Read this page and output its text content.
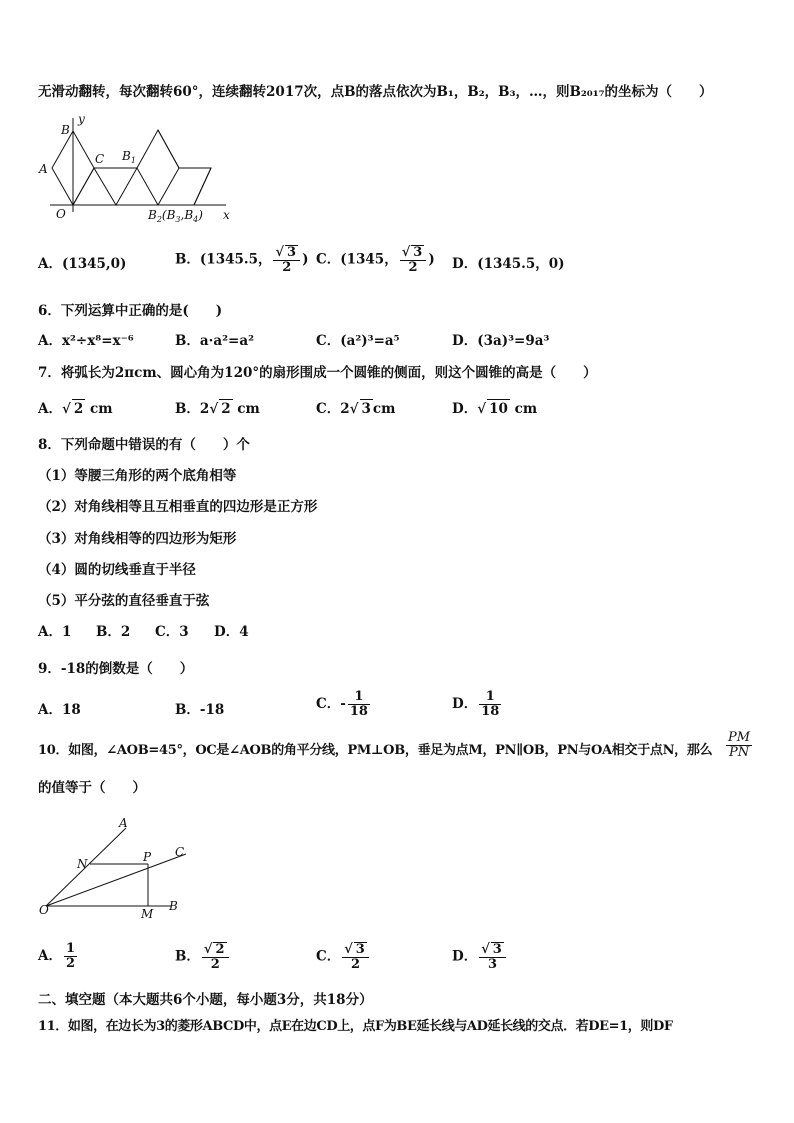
无滑动翻转，每次翻转60°，连续翻转2017次，点B的落点依次为B₁，B₂，B₃，…，则B₂₀₁₇的坐标为（　　）
B
y
A
C $B_1$
O	$B_2(B_3,B_4)$ x
A．(1345,0)	B．(1345.5， $\frac{√ 3}{2}$ ) C．(1345， $\frac{√ 3}{2}$ ) D．(1345.5，0)
6．下列运算中正确的是(　　)
A．x²÷x⁸=x⁻⁶	B．a·a²=a²	C．(a²)³=a⁵	D．(3a)³=9a³
7．将弧长为2πcm、圆心角为120°的扇形围成一个圆锥的侧面，则这个圆锥的高是（　　）
A．√ 2 cm	B．2√ 2 cm	C．2√ 3 cm	D．√ 10 cm
8．下列命题中错误的有（　　）个
（1）等腰三角形的两个底角相等
（2）对角线相等且互相垂直的四边形是正方形
（3）对角线相等的四边形为矩形
（4）圆的切线垂直于半径
（5）平分弦的直径垂直于弦
A．1 B．2 C．3 D．4
9．-18的倒数是（　　）
A．18	B．-18	C．- $\frac{1}{18}$	D． $\frac{1}{18}$
10．如图，∠AOB=45°，OC是∠AOB的角平分线，PM⊥OB，垂足为点M，PN∥OB，PN与OA相交于点N，那么 $\frac{PM}{PN}$
的值等于（　　）
A
C
N	P
O	M
B
A． $\frac{1}{2}$	B． $\frac{√ 2}{2}$	C． $\frac{√ 3}{2}$	D． $\frac{√ 3}{3}$
二、填空题（本大题共6个小题，每小题3分，共18分）
11．如图，在边长为3的菱形ABCD中，点E在边CD上，点F为BE延长线与AD延长线的交点．若DE=1，则DF
